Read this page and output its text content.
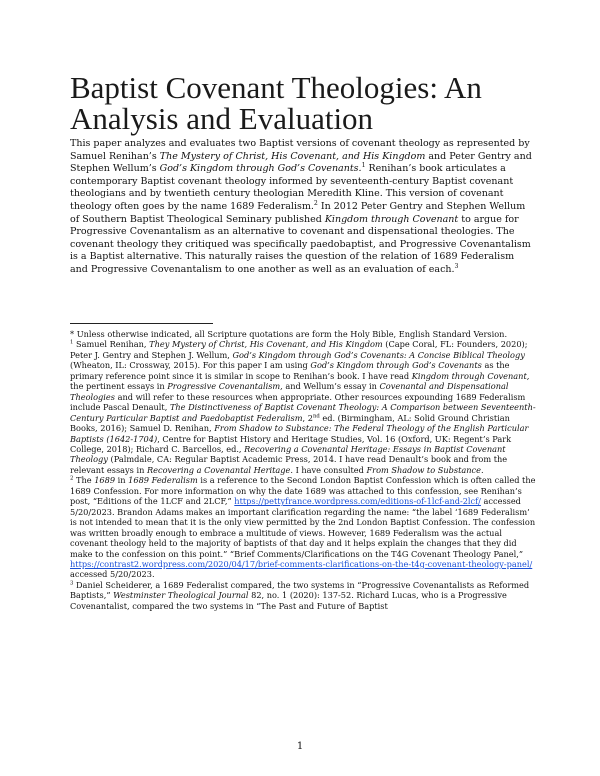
Baptist Covenant Theologies: An Analysis and Evaluation

This paper analyzes and evaluates two Baptist versions of covenant theology as represented by Samuel Renihan’s The Mystery of Christ, His Covenant, and His Kingdom and Peter Gentry and Stephen Wellum’s God’s Kingdom through God’s Covenants.$^1$ Renihan’s book articulates a contemporary Baptist covenant theology informed by seventeenth-century Baptist covenant theologians and by twentieth century theologian Meredith Kline. This version of covenant theology often goes by the name 1689 Federalism.$^2$ In 2012 Peter Gentry and Stephen Wellum of Southern Baptist Theological Seminary published Kingdom through Covenant to argue for Progressive Covenantalism as an alternative to covenant and dispensational theologies. The covenant theology they critiqued was specifically paedobaptist, and Progressive Covenantalism is a Baptist alternative. This naturally raises the question of the relation of 1689 Federalism and Progressive Covenantalism to one another as well as an evaluation of each.$^3$

* Unless otherwise indicated, all Scripture quotations are form the Holy Bible, English Standard Version.

$^1$ Samuel Renihan, They Mystery of Christ, His Covenant, and His Kingdom (Cape Coral, FL: Founders, 2020); Peter J. Gentry and Stephen J. Wellum, God’s Kingdom through God’s Covenants: A Concise Biblical Theology (Wheaton, IL: Crossway, 2015). For this paper I am using God’s Kingdom through God’s Covenants as the primary reference point since it is similar in scope to Renihan’s book. I have read Kingdom through Covenant, the pertinent essays in Progressive Covenantalism, and Wellum’s essay in Covenantal and Dispensational Theologies and will refer to these resources when appropriate. Other resources expounding 1689 Federalism include Pascal Denault, The Distinctiveness of Baptist Covenant Theology: A Comparison between Seventeenth-Century Particular Baptist and Paedobaptist Federalism, 2nd ed. (Birmingham, AL: Solid Ground Christian Books, 2016); Samuel D. Renihan, From Shadow to Substance: The Federal Theology of the English Particular Baptists (1642-1704), Centre for Baptist History and Heritage Studies, Vol. 16 (Oxford, UK: Regent’s Park College, 2018); Richard C. Barcellos, ed., Recovering a Covenantal Heritage: Essays in Baptist Covenant Theology (Palmdale, CA: Regular Baptist Academic Press, 2014. I have read Denault’s book and from the relevant essays in Recovering a Covenantal Heritage. I have consulted From Shadow to Substance.

$^2$ The 1689 in 1689 Federalism is a reference to the Second London Baptist Confession which is often called the 1689 Confession. For more information on why the date 1689 was attached to this confession, see Renihan’s post, “Editions of the 1LCF and 2LCF,” https://pettyfrance.wordpress.com/editions-of-1lcf-and-2lcf/ accessed 5/20/2023. Brandon Adams makes an important clarification regarding the name: “the label ‘1689 Federalism’ is not intended to mean that it is the only view permitted by the 2nd London Baptist Confession. The confession was written broadly enough to embrace a multitude of views. However, 1689 Federalism was the actual covenant theology held to the majority of baptists of that day and it helps explain the changes that they did make to the confession on this point.” “Brief Comments/Clarifications on the T4G Covenant Theology Panel,” https://contrast2.wordpress.com/2020/04/17/brief-comments-clarifications-on-the-t4g-covenant-theology-panel/ accessed 5/20/2023.

$^3$ Daniel Scheiderer, a 1689 Federalist compared, the two systems in “Progressive Covenantalists as Reformed Baptists,” Westminster Theological Journal 82, no. 1 (2020): 137-52. Richard Lucas, who is a Progressive Covenantalist, compared the two systems in “The Past and Future of Baptist

1
